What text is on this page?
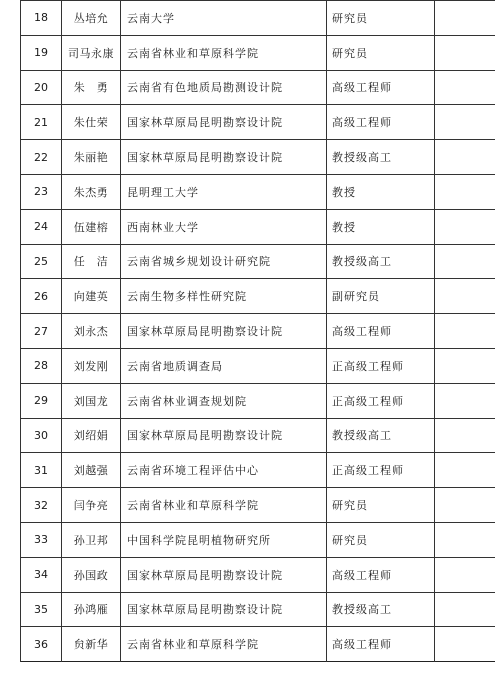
18	丛培允	云南大学	研究员	
19	司马永康	云南省林业和草原科学院	研究员	
20	朱　勇	云南省有色地质局勘测设计院	高级工程师	
21	朱仕荣	国家林草原局昆明勘察设计院	高级工程师	
22	朱丽艳	国家林草原局昆明勘察设计院	教授级高工	
23	朱杰勇	昆明理工大学	教授	
24	伍建榕	西南林业大学	教授	
25	任　洁	云南省城乡规划设计研究院	教授级高工	
26	向建英	云南生物多样性研究院	副研究员	
27	刘永杰	国家林草原局昆明勘察设计院	高级工程师	
28	刘发刚	云南省地质调查局	正高级工程师	
29	刘国龙	云南省林业调查规划院	正高级工程师	
30	刘绍娟	国家林草原局昆明勘察设计院	教授级高工	
31	刘越强	云南省环境工程评估中心	正高级工程师	
32	闫争亮	云南省林业和草原科学院	研究员	
33	孙卫邦	中国科学院昆明植物研究所	研究员	
34	孙国政	国家林草原局昆明勘察设计院	高级工程师	
35	孙鸿雁	国家林草原局昆明勘察设计院	教授级高工	
36	贠新华	云南省林业和草原科学院	高级工程师	
